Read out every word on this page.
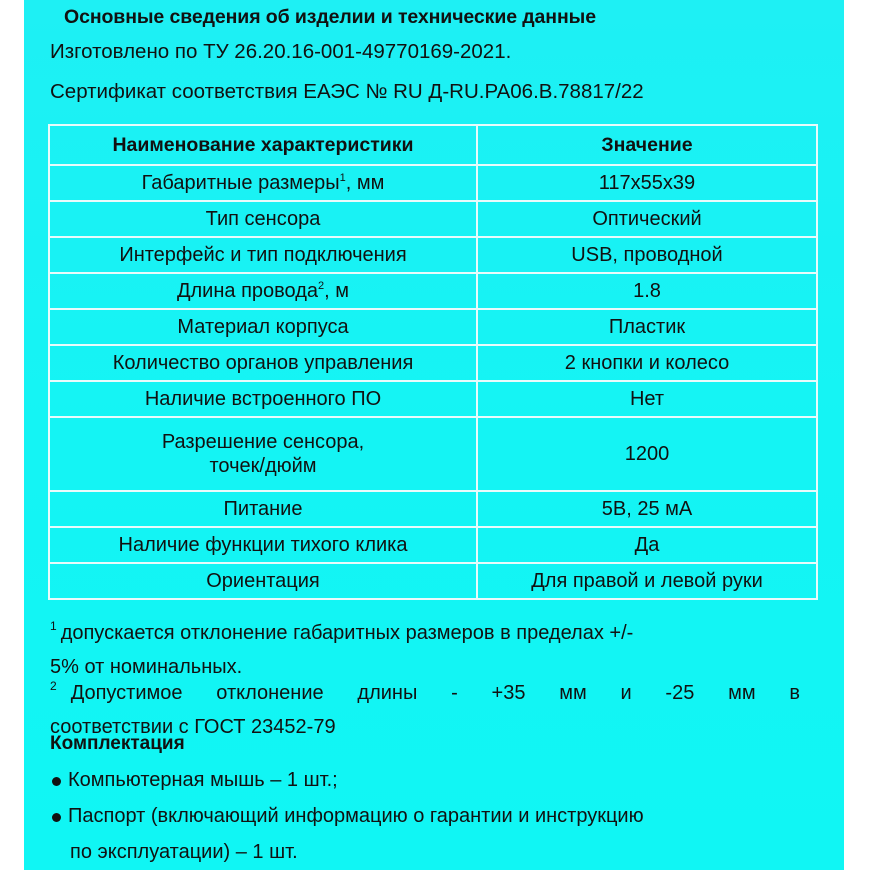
Основные сведения об изделии и технические данные
Изготовлено по ТУ 26.20.16-001-49770169-2021.
Сертификат соответствия ЕАЭС № RU Д-RU.PA06.B.78817/22
Наименование характеристики	Значение
Габаритные размеры$^1$, мм	117x55x39
Тип сенсора	Оптический
Интерфейс и тип подключения	USB, проводной
Длина провода$^2$, м	1.8
Материал корпуса	Пластик
Количество органов управления	2 кнопки и колесо
Наличие встроенного ПО	Нет
Разрешение сенсора,
точек/дюйм	1200
Питание	5В, 25 мА
Наличие функции тихого клика	Да
Ориентация	Для правой и левой руки
$^1$ допускается отклонение габаритных размеров в пределах +/-
5% от номинальных.
$^2$ Допустимое отклонение длины - +35 мм и -25 мм в
соответствии с ГОСТ 23452-79
Комплектация
Компьютерная мышь – 1 шт.;
Паспорт (включающий информацию о гарантии и инструкцию
по эксплуатации) – 1 шт.
